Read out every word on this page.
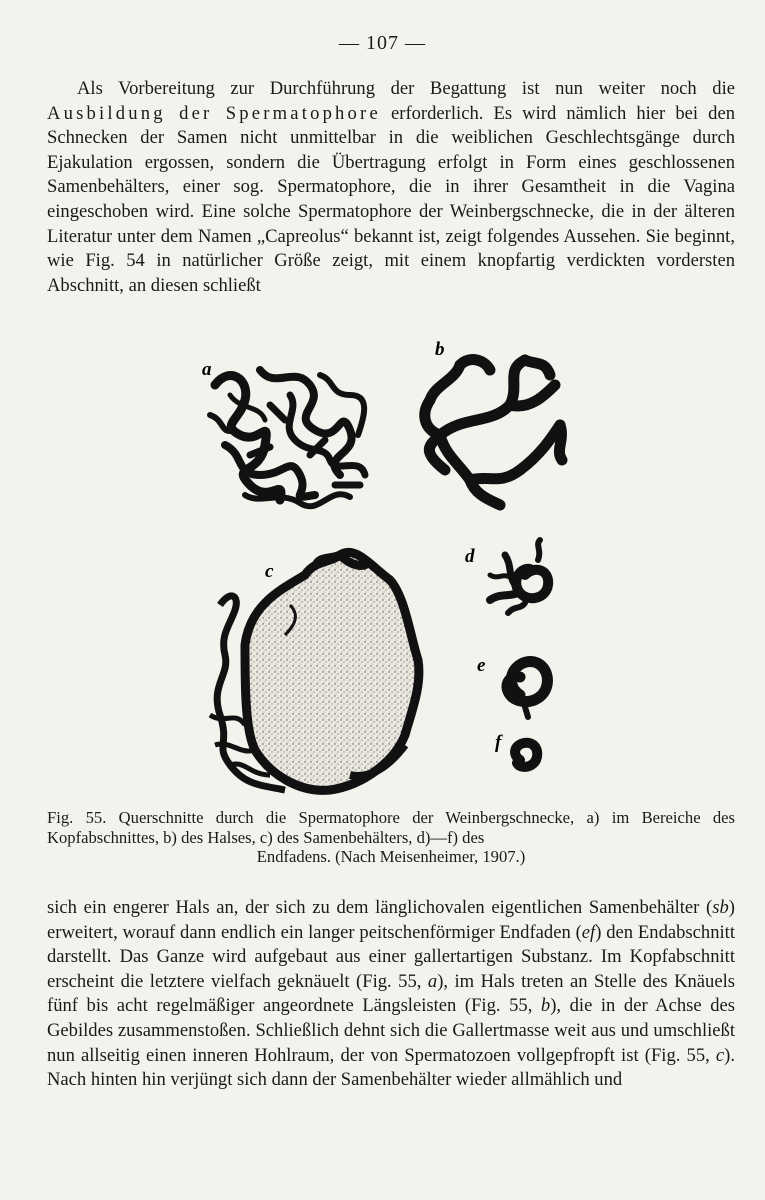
— 107 —

Als Vorbereitung zur Durchführung der Begattung ist nun weiter noch die Ausbildung der Spermatophore erforderlich. Es wird nämlich hier bei den Schnecken der Samen nicht unmittelbar in die weiblichen Geschlechtsgänge durch Ejakulation ergossen, sondern die Übertragung erfolgt in Form eines geschlossenen Samenbehälters, einer sog. Spermatophore, die in ihrer Gesamtheit in die Vagina eingeschoben wird. Eine solche Spermatophore der Weinbergschnecke, die in der älteren Literatur unter dem Namen „Capreolus“ bekannt ist, zeigt folgendes Aussehen. Sie beginnt, wie Fig. 54 in natürlicher Größe zeigt, mit einem knopfartig verdickten vordersten Abschnitt, an diesen schließt

a
b
c
d
e
f
Fig. 55. Querschnitte durch die Spermatophore der Weinbergschnecke, a) im Bereiche des Kopfabschnittes, b) des Halses, c) des Samenbehälters, d)—f) des
Endfadens. (Nach Meisenheimer, 1907.)

sich ein engerer Hals an, der sich zu dem länglichovalen eigentlichen Samenbehälter (sb) erweitert, worauf dann endlich ein langer peitschenförmiger Endfaden (ef) den Endabschnitt darstellt. Das Ganze wird aufgebaut aus einer gallertartigen Substanz. Im Kopfabschnitt erscheint die letztere vielfach geknäuelt (Fig. 55, a), im Hals treten an Stelle des Knäuels fünf bis acht regelmäßiger angeordnete Längsleisten (Fig. 55, b), die in der Achse des Gebildes zusammenstoßen. Schließlich dehnt sich die Gallertmasse weit aus und umschließt nun allseitig einen inneren Hohlraum, der von Spermatozoen vollgepfropft ist (Fig. 55, c). Nach hinten hin verjüngt sich dann der Samenbehälter wieder allmählich und
